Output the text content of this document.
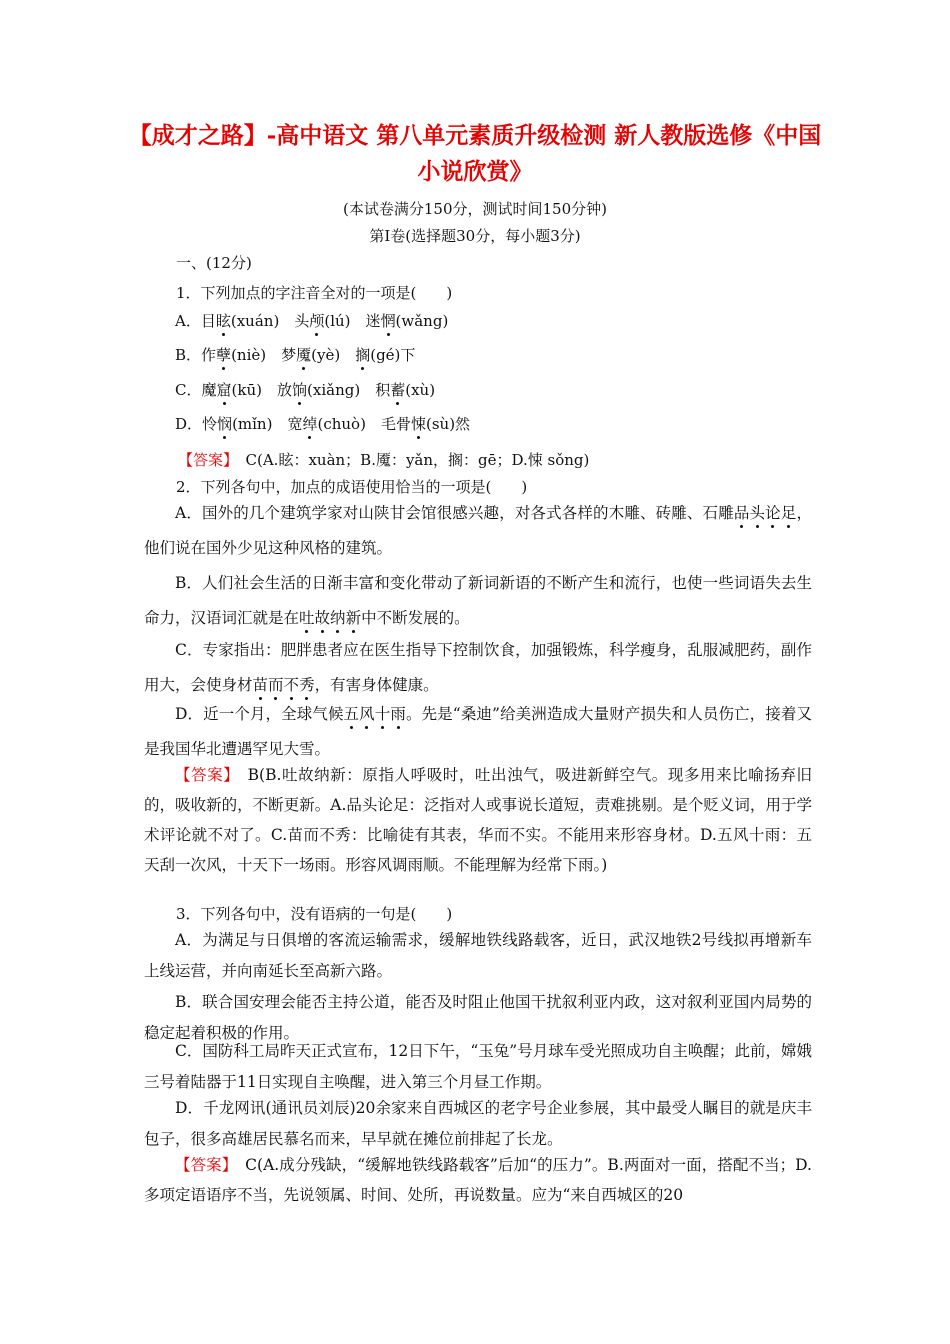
【成才之路】-高中语文 第八单元素质升级检测 新人教版选修《中国小说欣赏》
(本试卷满分150分，测试时间150分钟)
第Ⅰ卷(选择题30分，每小题3分)
一、(12分)
1．下列加点的字注音全对的一项是(　　)
A．目眩(xuán)  头颅(lú)  迷惘(wǎng)
B．作孽(niè)  梦魇(yè)  搁(gé)下
C．魔窟(kū)  放饷(xiǎng)  积蓄(xù)
D．怜悯(mǐn)  宽绰(chuò)  毛骨悚(sù)然
【答案】　C(A.眩：xuàn；B.魇：yǎn，搁：gē；D.悚 sǒng)
2．下列各句中，加点的成语使用恰当的一项是(　　)
A．国外的几个建筑学家对山陕甘会馆很感兴趣，对各式各样的木雕、砖雕、石雕品头论足，他们说在国外少见这种风格的建筑。
B．人们社会生活的日渐丰富和变化带动了新词新语的不断产生和流行，也使一些词语失去生命力，汉语词汇就是在吐故纳新中不断发展的。
C．专家指出：肥胖患者应在医生指导下控制饮食，加强锻炼，科学瘦身，乱服减肥药，副作用大，会使身材苗而不秀，有害身体健康。
D．近一个月，全球气候五风十雨。先是“桑迪”给美洲造成大量财产损失和人员伤亡，接着又是我国华北遭遇罕见大雪。
【答案】　B(B.吐故纳新：原指人呼吸时，吐出浊气，吸进新鲜空气。现多用来比喻扬弃旧的，吸收新的，不断更新。A.品头论足：泛指对人或事说长道短，责难挑剔。是个贬义词，用于学术评论就不对了。C.苗而不秀：比喻徒有其表，华而不实。不能用来形容身材。D.五风十雨：五天刮一次风，十天下一场雨。形容风调雨顺。不能理解为经常下雨。)
3．下列各句中，没有语病的一句是(　　)
A．为满足与日俱增的客流运输需求，缓解地铁线路载客，近日，武汉地铁2号线拟再增新车上线运营，并向南延长至高新六路。
B．联合国安理会能否主持公道，能否及时阻止他国干扰叙利亚内政，这对叙利亚国内局势的稳定起着积极的作用。
C．国防科工局昨天正式宣布，12日下午，“玉兔”号月球车受光照成功自主唤醒；此前，嫦娥三号着陆器于11日实现自主唤醒，进入第三个月昼工作期。
D．千龙网讯(通讯员刘辰)20余家来自西城区的老字号企业参展，其中最受人瞩目的就是庆丰包子，很多高雄居民慕名而来，早早就在摊位前排起了长龙。
【答案】　C(A.成分残缺，“缓解地铁线路载客”后加“的压力”。B.两面对一面，搭配不当；D.多项定语语序不当，先说领属、时间、处所，再说数量。应为“来自西城区的20
